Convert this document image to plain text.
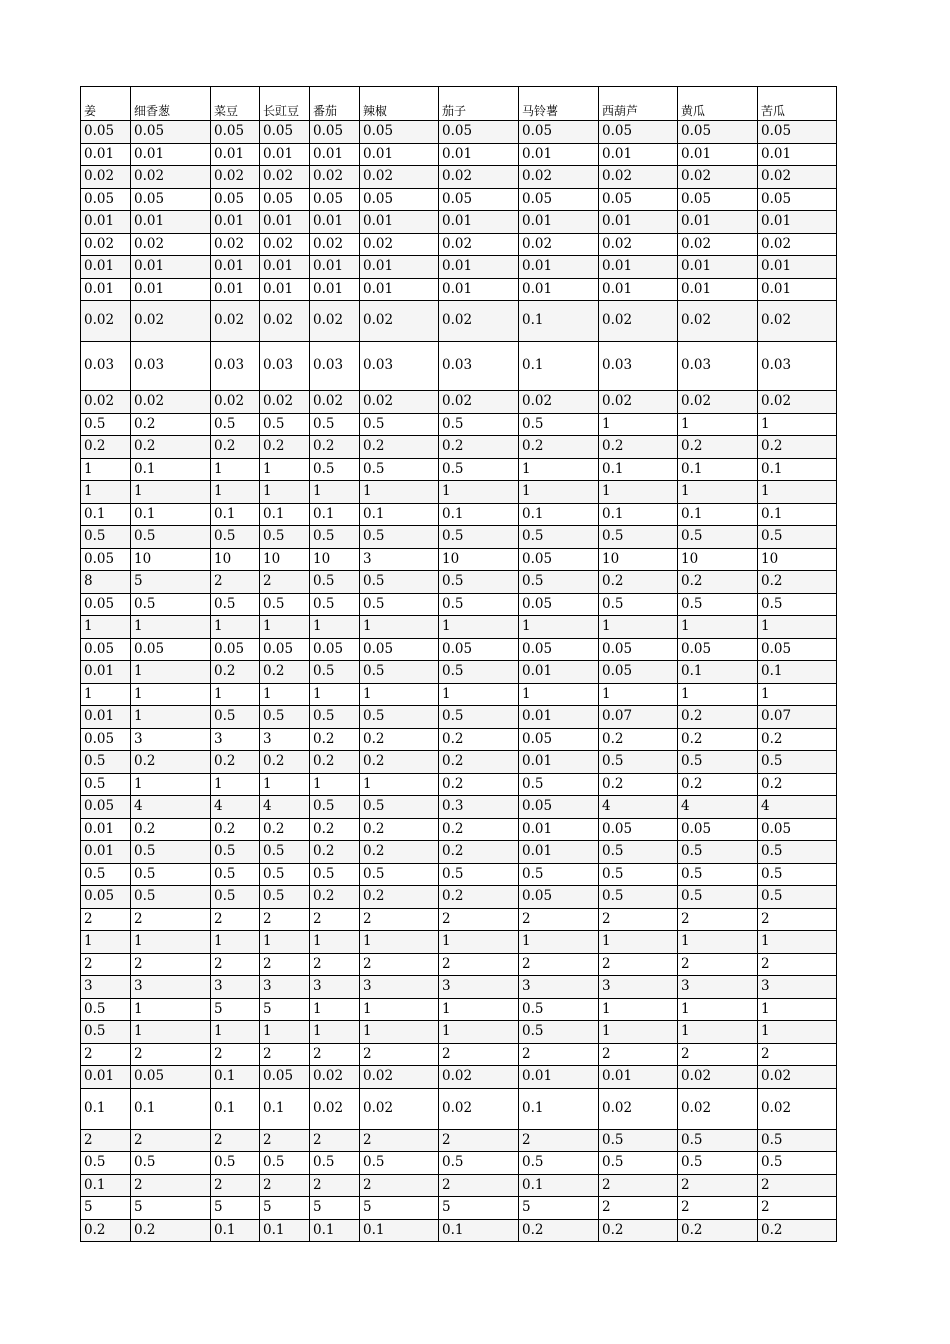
姜	细香葱	菜豆	长豇豆	番茄	辣椒	茄子	马铃薯	西葫芦	黄瓜	苦瓜
0.05	0.05	0.05	0.05	0.05	0.05	0.05	0.05	0.05	0.05	0.05
0.01	0.01	0.01	0.01	0.01	0.01	0.01	0.01	0.01	0.01	0.01
0.02	0.02	0.02	0.02	0.02	0.02	0.02	0.02	0.02	0.02	0.02
0.05	0.05	0.05	0.05	0.05	0.05	0.05	0.05	0.05	0.05	0.05
0.01	0.01	0.01	0.01	0.01	0.01	0.01	0.01	0.01	0.01	0.01
0.02	0.02	0.02	0.02	0.02	0.02	0.02	0.02	0.02	0.02	0.02
0.01	0.01	0.01	0.01	0.01	0.01	0.01	0.01	0.01	0.01	0.01
0.01	0.01	0.01	0.01	0.01	0.01	0.01	0.01	0.01	0.01	0.01
0.02	0.02	0.02	0.02	0.02	0.02	0.02	0.1	0.02	0.02	0.02
0.03	0.03	0.03	0.03	0.03	0.03	0.03	0.1	0.03	0.03	0.03
0.02	0.02	0.02	0.02	0.02	0.02	0.02	0.02	0.02	0.02	0.02
0.5	0.2	0.5	0.5	0.5	0.5	0.5	0.5	1	1	1
0.2	0.2	0.2	0.2	0.2	0.2	0.2	0.2	0.2	0.2	0.2
1	0.1	1	1	0.5	0.5	0.5	1	0.1	0.1	0.1
1	1	1	1	1	1	1	1	1	1	1
0.1	0.1	0.1	0.1	0.1	0.1	0.1	0.1	0.1	0.1	0.1
0.5	0.5	0.5	0.5	0.5	0.5	0.5	0.5	0.5	0.5	0.5
0.05	10	10	10	10	3	10	0.05	10	10	10
8	5	2	2	0.5	0.5	0.5	0.5	0.2	0.2	0.2
0.05	0.5	0.5	0.5	0.5	0.5	0.5	0.05	0.5	0.5	0.5
1	1	1	1	1	1	1	1	1	1	1
0.05	0.05	0.05	0.05	0.05	0.05	0.05	0.05	0.05	0.05	0.05
0.01	1	0.2	0.2	0.5	0.5	0.5	0.01	0.05	0.1	0.1
1	1	1	1	1	1	1	1	1	1	1
0.01	1	0.5	0.5	0.5	0.5	0.5	0.01	0.07	0.2	0.07
0.05	3	3	3	0.2	0.2	0.2	0.05	0.2	0.2	0.2
0.5	0.2	0.2	0.2	0.2	0.2	0.2	0.01	0.5	0.5	0.5
0.5	1	1	1	1	1	0.2	0.5	0.2	0.2	0.2
0.05	4	4	4	0.5	0.5	0.3	0.05	4	4	4
0.01	0.2	0.2	0.2	0.2	0.2	0.2	0.01	0.05	0.05	0.05
0.01	0.5	0.5	0.5	0.2	0.2	0.2	0.01	0.5	0.5	0.5
0.5	0.5	0.5	0.5	0.5	0.5	0.5	0.5	0.5	0.5	0.5
0.05	0.5	0.5	0.5	0.2	0.2	0.2	0.05	0.5	0.5	0.5
2	2	2	2	2	2	2	2	2	2	2
1	1	1	1	1	1	1	1	1	1	1
2	2	2	2	2	2	2	2	2	2	2
3	3	3	3	3	3	3	3	3	3	3
0.5	1	5	5	1	1	1	0.5	1	1	1
0.5	1	1	1	1	1	1	0.5	1	1	1
2	2	2	2	2	2	2	2	2	2	2
0.01	0.05	0.1	0.05	0.02	0.02	0.02	0.01	0.01	0.02	0.02
0.1	0.1	0.1	0.1	0.02	0.02	0.02	0.1	0.02	0.02	0.02
2	2	2	2	2	2	2	2	0.5	0.5	0.5
0.5	0.5	0.5	0.5	0.5	0.5	0.5	0.5	0.5	0.5	0.5
0.1	2	2	2	2	2	2	0.1	2	2	2
5	5	5	5	5	5	5	5	2	2	2
0.2	0.2	0.1	0.1	0.1	0.1	0.1	0.2	0.2	0.2	0.2
